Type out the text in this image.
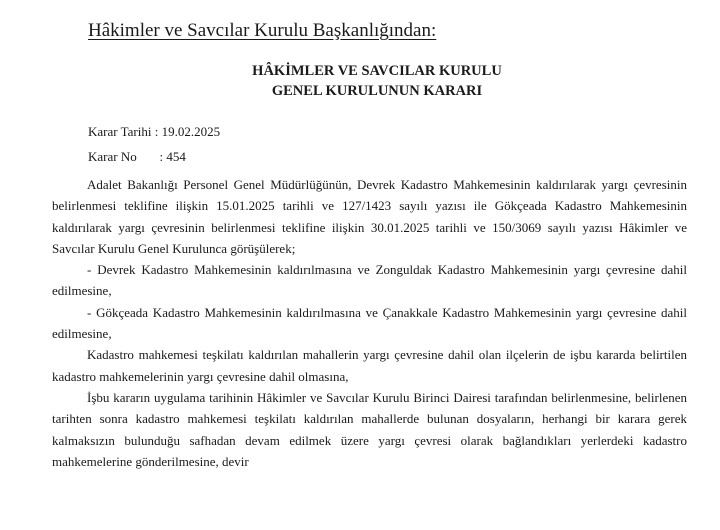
Hâkimler ve Savcılar Kurulu Başkanlığından:
HÂKİMLER VE SAVCILAR KURULU
GENEL KURULUNUN KARARI
Karar Tarihi : 19.02.2025
Karar No       : 454

Adalet Bakanlığı Personel Genel Müdürlüğünün, Devrek Kadastro Mahkemesinin kaldırılarak yargı çevresinin belirlenmesi teklifine ilişkin 15.01.2025 tarihli ve 127/1423 sayılı yazısı ile Gökçeada Kadastro Mahkemesinin kaldırılarak yargı çevresinin belirlenmesi teklifine ilişkin 30.01.2025 tarihli ve 150/3069 sayılı yazısı Hâkimler ve Savcılar Kurulu Genel Kurulunca görüşülerek;

- Devrek Kadastro Mahkemesinin kaldırılmasına ve Zonguldak Kadastro Mahkemesinin yargı çevresine dahil edilmesine,

- Gökçeada Kadastro Mahkemesinin kaldırılmasına ve Çanakkale Kadastro Mahkemesinin yargı çevresine dahil edilmesine,

Kadastro mahkemesi teşkilatı kaldırılan mahallerin yargı çevresine dahil olan ilçelerin de işbu kararda belirtilen kadastro mahkemelerinin yargı çevresine dahil olmasına,

İşbu kararın uygulama tarihinin Hâkimler ve Savcılar Kurulu Birinci Dairesi tarafından belirlenmesine, belirlenen tarihten sonra kadastro mahkemesi teşkilatı kaldırılan mahallerde bulunan dosyaların, herhangi bir karara gerek kalmaksızın bulunduğu safhadan devam edilmek üzere yargı çevresi olarak bağlandıkları yerlerdeki kadastro mahkemelerine gönderilmesine, devir
